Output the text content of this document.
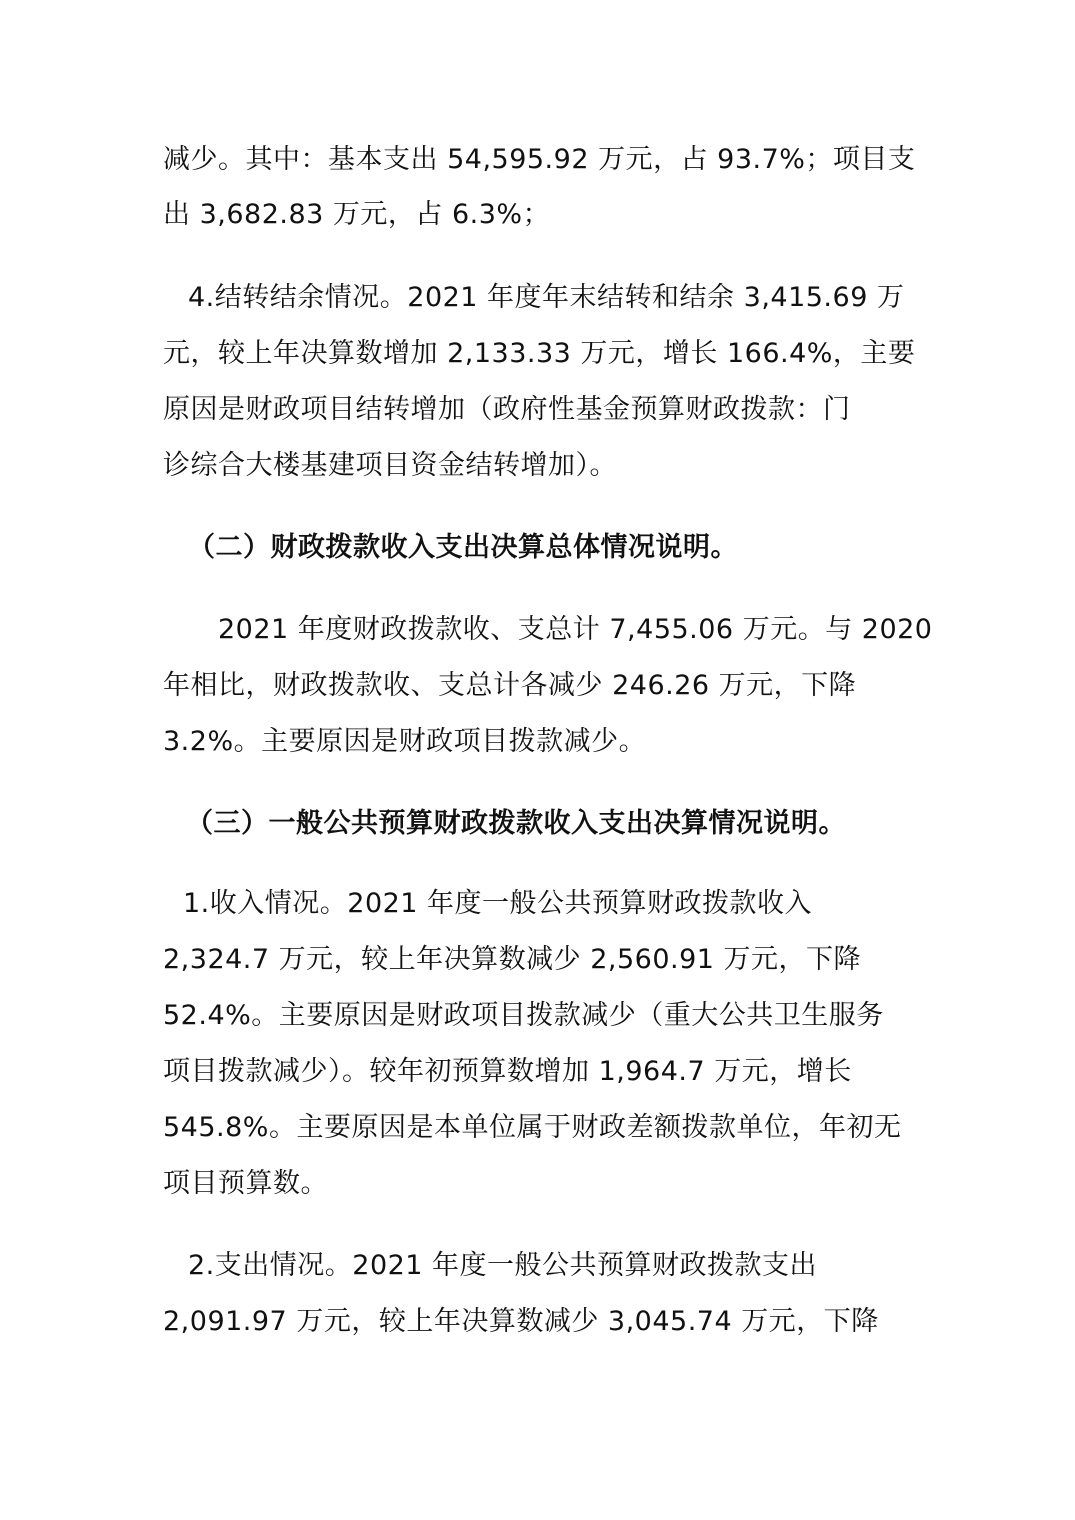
减少。其中：基本支出 54,595.92 万元，占 93.7%；项目支
出 3,682.83 万元，占 6.3%；
4.结转结余情况。2021 年度年末结转和结余 3,415.69 万
元，较上年决算数增加 2,133.33 万元，增长 166.4%，主要
原因是财政项目结转增加（政府性基金预算财政拨款：门
诊综合大楼基建项目资金结转增加）。
（二）财政拨款收入支出决算总体情况说明。
2021 年度财政拨款收、支总计 7,455.06 万元。与 2020
年相比，财政拨款收、支总计各减少 246.26 万元，下降
3.2%。主要原因是财政项目拨款减少。
（三）一般公共预算财政拨款收入支出决算情况说明。
1.收入情况。2021 年度一般公共预算财政拨款收入
2,324.7 万元，较上年决算数减少 2,560.91 万元，下降
52.4%。主要原因是财政项目拨款减少（重大公共卫生服务
项目拨款减少）。较年初预算数增加 1,964.7 万元，增长
545.8%。主要原因是本单位属于财政差额拨款单位，年初无
项目预算数。
2.支出情况。2021 年度一般公共预算财政拨款支出
2,091.97 万元，较上年决算数减少 3,045.74 万元，下降
